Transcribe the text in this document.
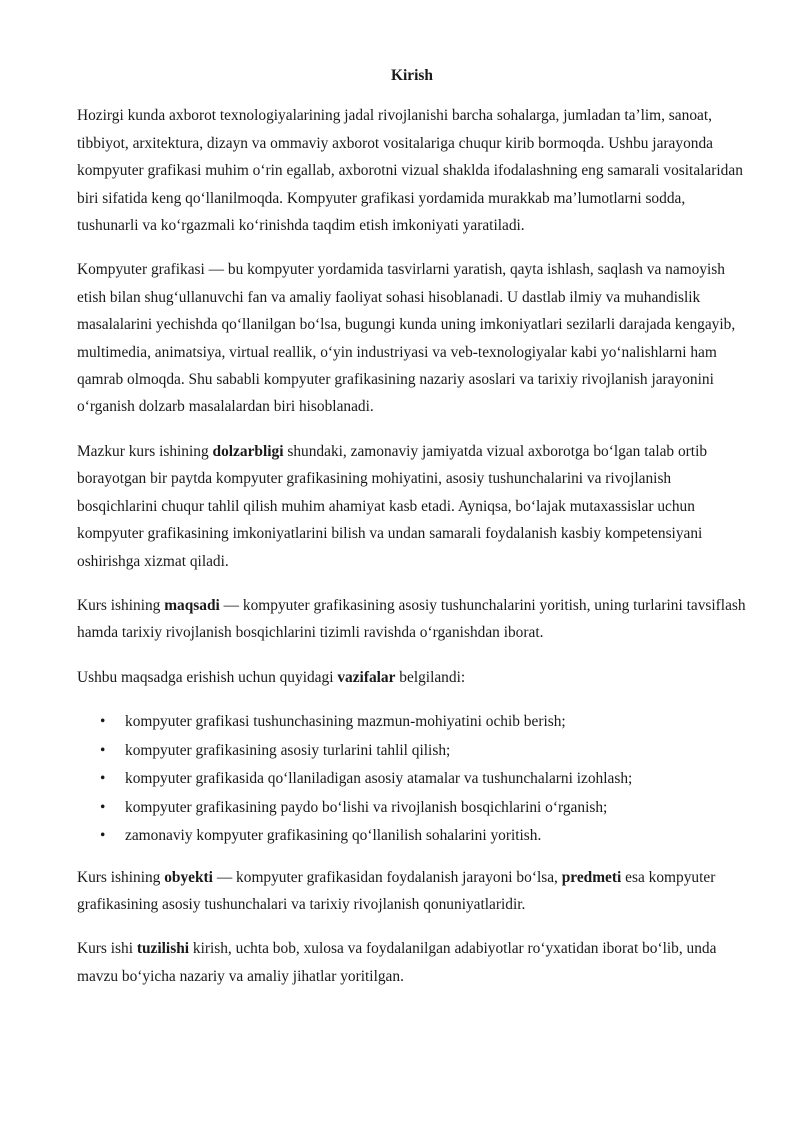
Kirish

Hozirgi kunda axborot texnologiyalarining jadal rivojlanishi barcha sohalarga, jumladan ta’lim, sanoat, tibbiyot, arxitektura, dizayn va ommaviy axborot vositalariga chuqur kirib bormoqda. Ushbu jarayonda kompyuter grafikasi muhim oʻrin egallab, axborotni vizual shaklda ifodalashning eng samarali vositalaridan biri sifatida keng qoʻllanilmoqda. Kompyuter grafikasi yordamida murakkab ma’lumotlarni sodda, tushunarli va koʻrgazmali koʻrinishda taqdim etish imkoniyati yaratiladi.

Kompyuter grafikasi — bu kompyuter yordamida tasvirlarni yaratish, qayta ishlash, saqlash va namoyish etish bilan shugʻullanuvchi fan va amaliy faoliyat sohasi hisoblanadi. U dastlab ilmiy va muhandislik masalalarini yechishda qoʻllanilgan boʻlsa, bugungi kunda uning imkoniyatlari sezilarli darajada kengayib, multimedia, animatsiya, virtual reallik, oʻyin industriyasi va veb-texnologiyalar kabi yoʻnalishlarni ham qamrab olmoqda. Shu sababli kompyuter grafikasining nazariy asoslari va tarixiy rivojlanish jarayonini oʻrganish dolzarb masalalardan biri hisoblanadi.

Mazkur kurs ishining dolzarbligi shundaki, zamonaviy jamiyatda vizual axborotga boʻlgan talab ortib borayotgan bir paytda kompyuter grafikasining mohiyatini, asosiy tushunchalarini va rivojlanish bosqichlarini chuqur tahlil qilish muhim ahamiyat kasb etadi. Ayniqsa, boʻlajak mutaxassislar uchun kompyuter grafikasining imkoniyatlarini bilish va undan samarali foydalanish kasbiy kompetensiyani oshirishga xizmat qiladi.

Kurs ishining maqsadi — kompyuter grafikasining asosiy tushunchalarini yoritish, uning turlarini tavsiflash hamda tarixiy rivojlanish bosqichlarini tizimli ravishda oʻrganishdan iborat.

Ushbu maqsadga erishish uchun quyidagi vazifalar belgilandi:

• kompyuter grafikasi tushunchasining mazmun-mohiyatini ochib berish;
• kompyuter grafikasining asosiy turlarini tahlil qilish;
• kompyuter grafikasida qoʻllaniladigan asosiy atamalar va tushunchalarni izohlash;
• kompyuter grafikasining paydo boʻlishi va rivojlanish bosqichlarini oʻrganish;
• zamonaviy kompyuter grafikasining qoʻllanilish sohalarini yoritish.

Kurs ishining obyekti — kompyuter grafikasidan foydalanish jarayoni boʻlsa, predmeti esa kompyuter grafikasining asosiy tushunchalari va tarixiy rivojlanish qonuniyatlaridir.

Kurs ishi tuzilishi kirish, uchta bob, xulosa va foydalanilgan adabiyotlar roʻyxatidan iborat boʻlib, unda mavzu boʻyicha nazariy va amaliy jihatlar yoritilgan.
